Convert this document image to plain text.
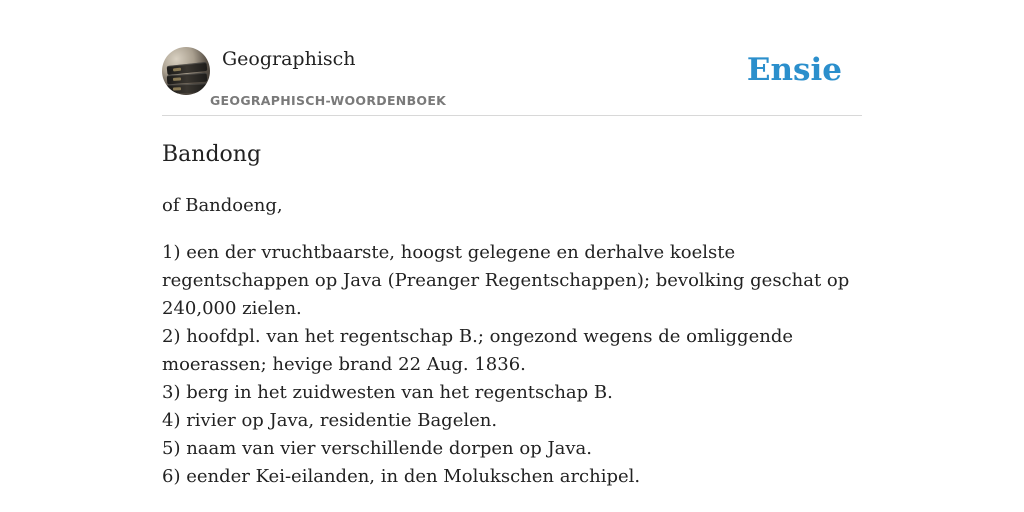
Geographisch
GEOGRAPHISCH-WOORDENBOEK
Ensie
Bandong

of Bandoeng,

1) een der vruchtbaarste, hoogst gelegene en derhalve koelste regentschappen op Java (Preanger Regentschappen); bevolking geschat op 240,000 zielen.
2) hoofdpl. van het regentschap B.; ongezond wegens de omliggende moerassen; hevige brand 22 Aug. 1836.
3) berg in het zuidwesten van het regentschap B.
4) rivier op Java, residentie Bagelen.
5) naam van vier verschillende dorpen op Java.
6) eender Kei-eilanden, in den Molukschen archipel.
